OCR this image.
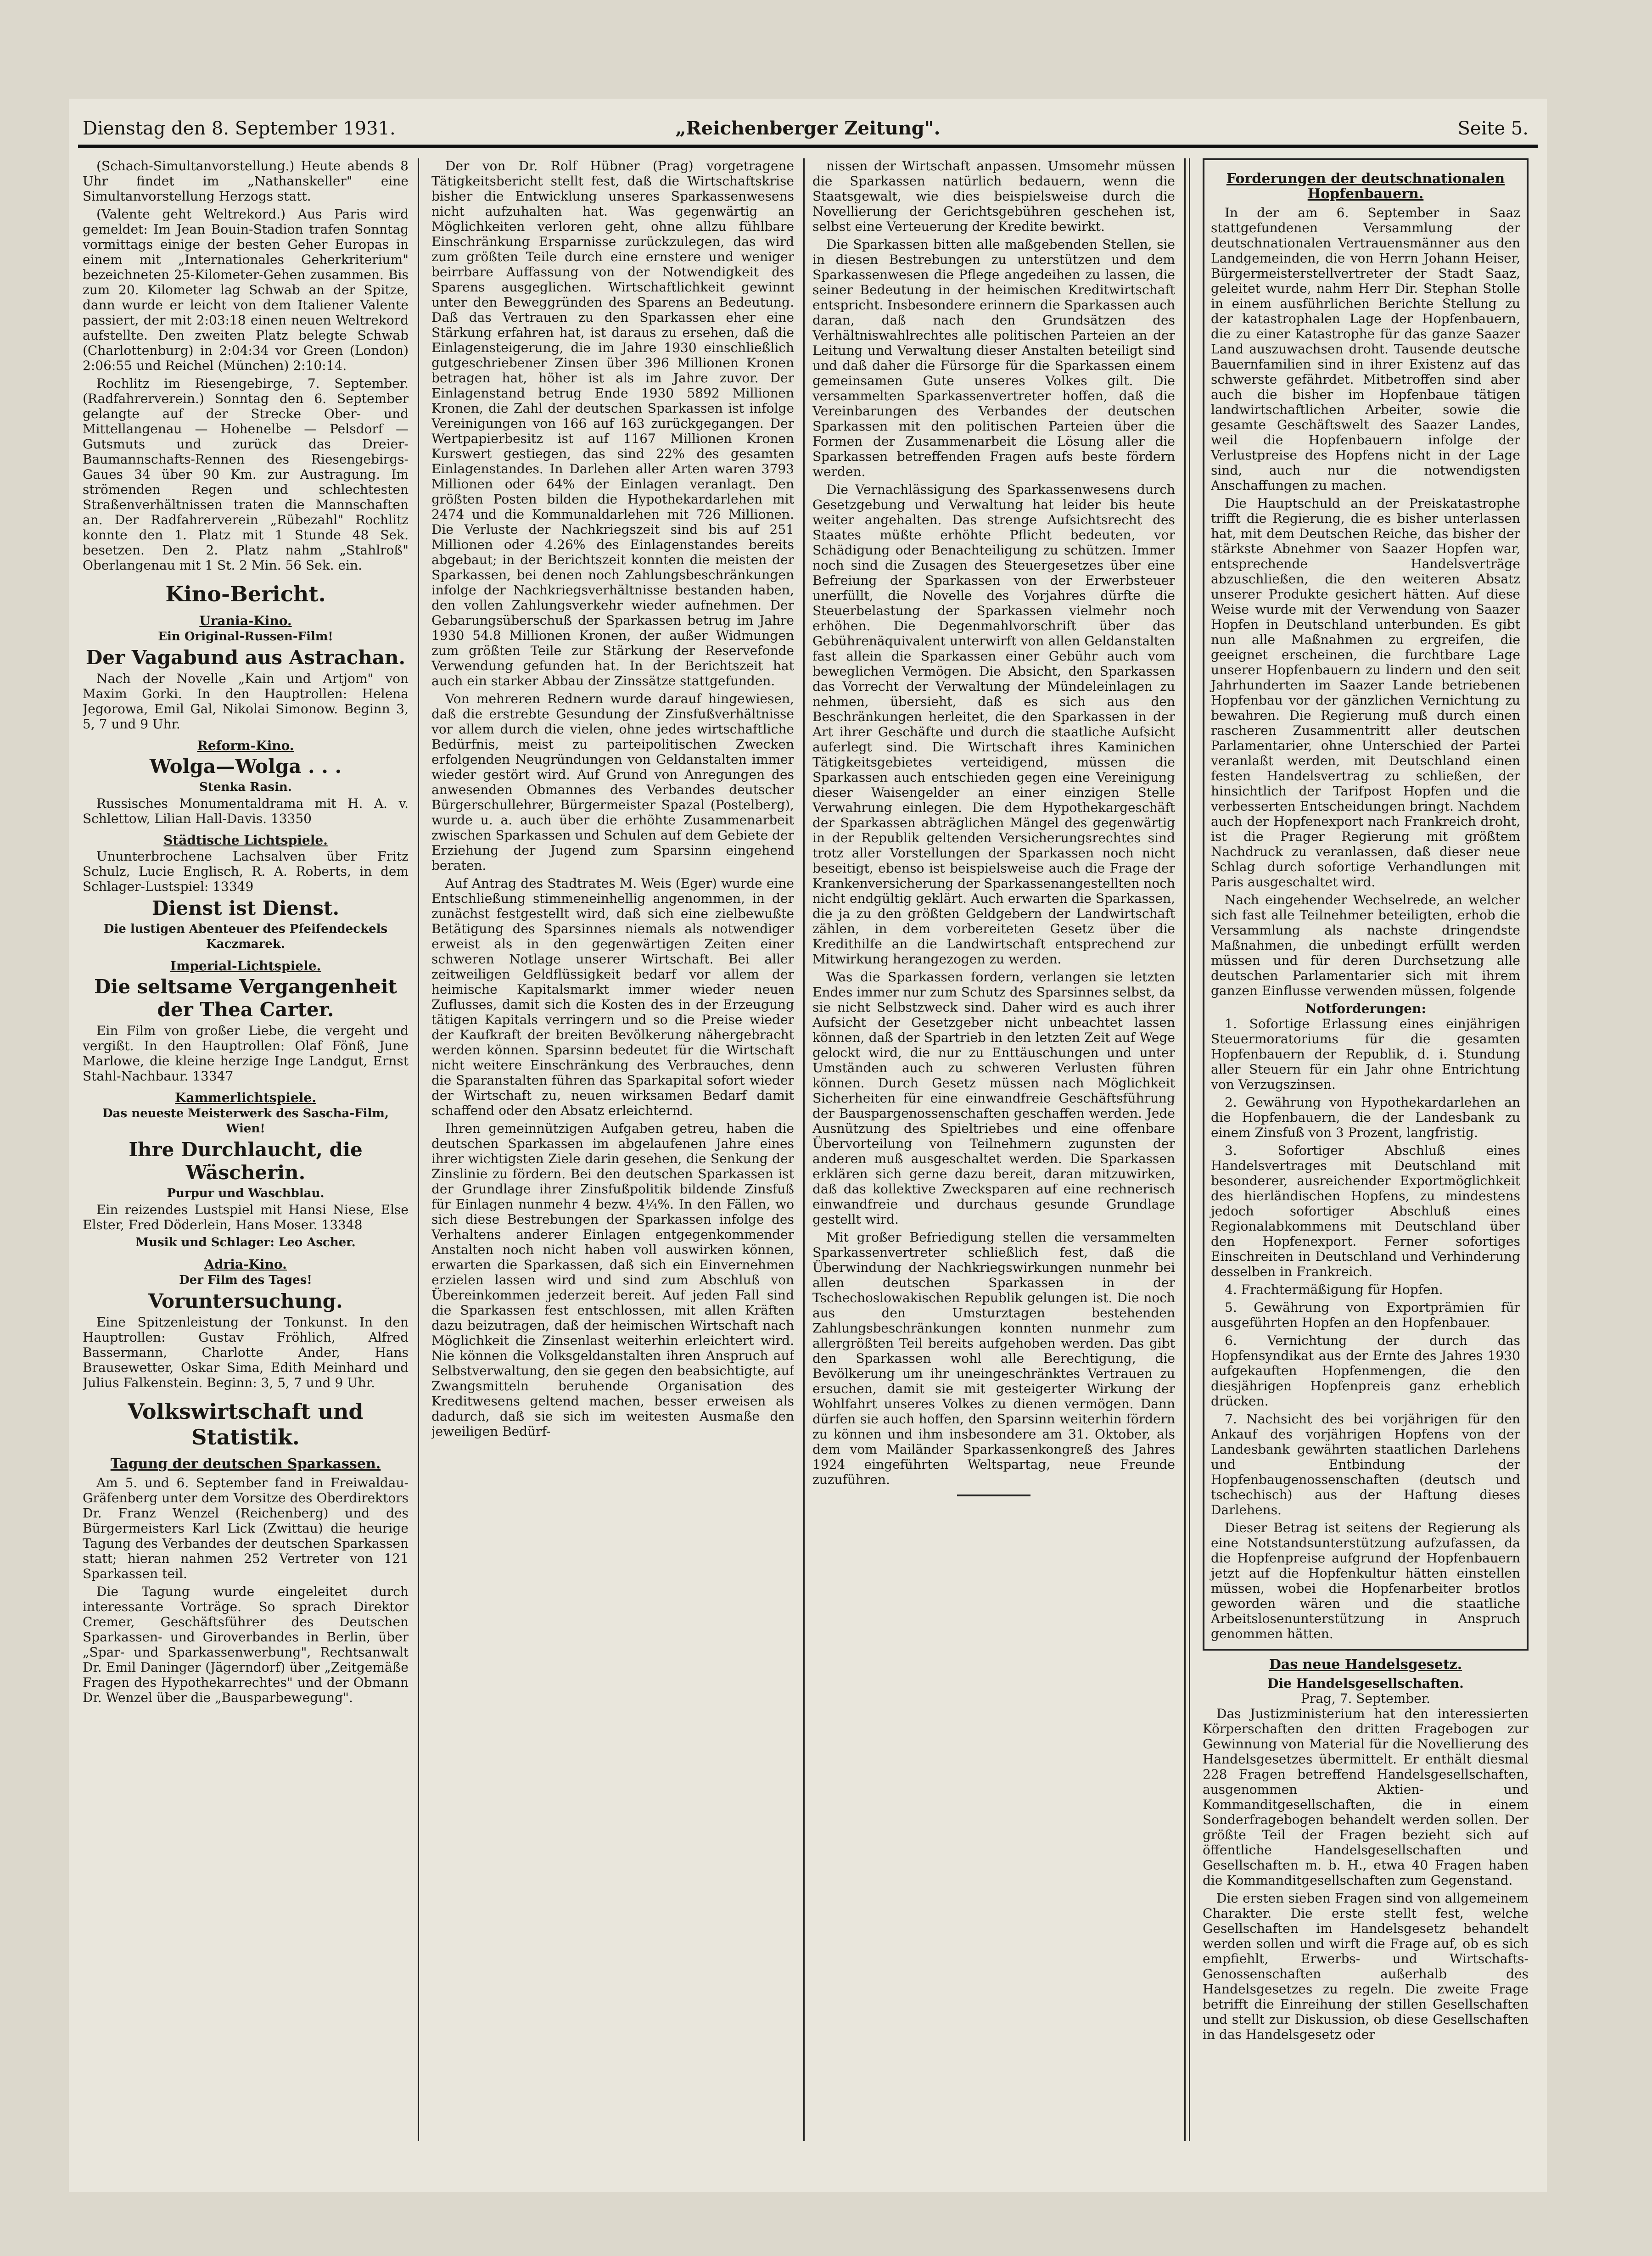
Dienstag den 8. September 1931.	„Reichenberger Zeitung".	Seite 5.

(Schach-Simultanvorstellung.) Heute abends 8 Uhr findet im „Nathanskeller" eine Simultanvorstellung Herzogs statt.

(Valente geht Weltrekord.) Aus Paris wird gemeldet: Im Jean Bouin-Stadion trafen Sonntag vormittags einige der besten Geher Europas in einem mit „Internationales Geherkriterium" bezeichneten 25-Kilometer-Gehen zusammen. Bis zum 20. Kilometer lag Schwab an der Spitze, dann wurde er leicht von dem Italiener Valente passiert, der mit 2:03:18 einen neuen Weltrekord aufstellte. Den zweiten Platz belegte Schwab (Charlottenburg) in 2:04:34 vor Green (London) 2:06:55 und Reichel (München) 2:10:14.

Rochlitz im Riesengebirge, 7. September. (Radfahrerverein.) Sonntag den 6. September gelangte auf der Strecke Ober- und Mittellangenau — Hohenelbe — Pelsdorf — Gutsmuts und zurück das Dreier-Baumannschafts-Rennen des Riesengebirgs-Gaues 34 über 90 Km. zur Austragung. Im strömenden Regen und schlechtesten Straßenverhältnissen traten die Mannschaften an. Der Radfahrerverein „Rübezahl" Rochlitz konnte den 1. Platz mit 1 Stunde 48 Sek. besetzen. Den 2. Platz nahm „Stahlroß" Oberlangenau mit 1 St. 2 Min. 56 Sek. ein.

Kino-Bericht.
Urania-Kino.
Ein Original-Russen-Film!
Der Vagabund aus Astrachan.

Nach der Novelle „Kain und Artjom" von Maxim Gorki. In den Hauptrollen: Helena Jegorowa, Emil Gal, Nikolai Simonow. Beginn 3, 5, 7 und 9 Uhr.

Reform-Kino.
Wolga—Wolga . . .
Stenka Rasin.

Russisches Monumentaldrama mit H. A. v. Schlettow, Lilian Hall-Davis. 13350

Städtische Lichtspiele.

Ununterbrochene Lachsalven über Fritz Schulz, Lucie Englisch, R. A. Roberts, in dem Schlager-Lustspiel: 13349

Dienst ist Dienst.
Die lustigen Abenteuer des Pfeifendeckels Kaczmarek.
Imperial-Lichtspiele.
Die seltsame Vergangenheit der Thea Carter.

Ein Film von großer Liebe, die vergeht und vergißt. In den Hauptrollen: Olaf Fönß, June Marlowe, die kleine herzige Inge Landgut, Ernst Stahl-Nachbaur. 13347

Kammerlichtspiele.
Das neueste Meisterwerk des Sascha-Film, Wien!
Ihre Durchlaucht, die Wäscherin.
Purpur und Waschblau.

Ein reizendes Lustspiel mit Hansi Niese, Else Elster, Fred Döderlein, Hans Moser. 13348

Musik und Schlager: Leo Ascher.
Adria-Kino.
Der Film des Tages!
Voruntersuchung.

Eine Spitzenleistung der Tonkunst. In den Hauptrollen: Gustav Fröhlich, Alfred Bassermann, Charlotte Ander, Hans Brausewetter, Oskar Sima, Edith Meinhard und Julius Falkenstein. Beginn: 3, 5, 7 und 9 Uhr.

Volkswirtschaft und Statistik.
Tagung der deutschen Sparkassen.

Am 5. und 6. September fand in Freiwaldau-Gräfenberg unter dem Vorsitze des Oberdirektors Dr. Franz Wenzel (Reichenberg) und des Bürgermeisters Karl Lick (Zwittau) die heurige Tagung des Verbandes der deutschen Sparkassen statt; hieran nahmen 252 Vertreter von 121 Sparkassen teil.

Die Tagung wurde eingeleitet durch interessante Vorträge. So sprach Direktor Cremer, Geschäftsführer des Deutschen Sparkassen- und Giroverbandes in Berlin, über „Spar- und Sparkassenwerbung", Rechtsanwalt Dr. Emil Daninger (Jägerndorf) über „Zeitgemäße Fragen des Hypothekarrechtes" und der Obmann Dr. Wenzel über die „Bausparbewegung".

Der von Dr. Rolf Hübner (Prag) vorgetragene Tätigkeitsbericht stellt fest, daß die Wirtschaftskrise bisher die Entwicklung unseres Sparkassenwesens nicht aufzuhalten hat. Was gegenwärtig an Möglichkeiten verloren geht, ohne allzu fühlbare Einschränkung Ersparnisse zurückzulegen, das wird zum größten Teile durch eine ernstere und weniger beirrbare Auffassung von der Notwendigkeit des Sparens ausgeglichen. Wirtschaftlichkeit gewinnt unter den Beweggründen des Sparens an Bedeutung. Daß das Vertrauen zu den Sparkassen eher eine Stärkung erfahren hat, ist daraus zu ersehen, daß die Einlagensteigerung, die im Jahre 1930 einschließlich gutgeschriebener Zinsen über 396 Millionen Kronen betragen hat, höher ist als im Jahre zuvor. Der Einlagenstand betrug Ende 1930 5892 Millionen Kronen, die Zahl der deutschen Sparkassen ist infolge Vereinigungen von 166 auf 163 zurückgegangen. Der Wertpapierbesitz ist auf 1167 Millionen Kronen Kurswert gestiegen, das sind 22% des gesamten Einlagenstandes. In Darlehen aller Arten waren 3793 Millionen oder 64% der Einlagen veranlagt. Den größten Posten bilden die Hypothekardarlehen mit 2474 und die Kommunaldarlehen mit 726 Millionen. Die Verluste der Nachkriegszeit sind bis auf 251 Millionen oder 4.26% des Einlagenstandes bereits abgebaut; in der Berichtszeit konnten die meisten der Sparkassen, bei denen noch Zahlungsbeschränkungen infolge der Nachkriegsverhältnisse bestanden haben, den vollen Zahlungsverkehr wieder aufnehmen. Der Gebarungsüberschuß der Sparkassen betrug im Jahre 1930 54.8 Millionen Kronen, der außer Widmungen zum größten Teile zur Stärkung der Reservefonde Verwendung gefunden hat. In der Berichtszeit hat auch ein starker Abbau der Zinssätze stattgefunden.

Von mehreren Rednern wurde darauf hingewiesen, daß die erstrebte Gesundung der Zinsfußverhältnisse vor allem durch die vielen, ohne jedes wirtschaftliche Bedürfnis, meist zu parteipolitischen Zwecken erfolgenden Neugründungen von Geldanstalten immer wieder gestört wird. Auf Grund von Anregungen des anwesenden Obmannes des Verbandes deutscher Bürgerschullehrer, Bürgermeister Spazal (Postelberg), wurde u. a. auch über die erhöhte Zusammenarbeit zwischen Sparkassen und Schulen auf dem Gebiete der Erziehung der Jugend zum Sparsinn eingehend beraten.

Auf Antrag des Stadtrates M. Weis (Eger) wurde eine Entschließung stimmeneinhellig angenommen, in der zunächst festgestellt wird, daß sich eine zielbewußte Betätigung des Sparsinnes niemals als notwendiger erweist als in den gegenwärtigen Zeiten einer schweren Notlage unserer Wirtschaft. Bei aller zeitweiligen Geldflüssigkeit bedarf vor allem der heimische Kapitalsmarkt immer wieder neuen Zuflusses, damit sich die Kosten des in der Erzeugung tätigen Kapitals verringern und so die Preise wieder der Kaufkraft der breiten Bevölkerung nähergebracht werden können. Sparsinn bedeutet für die Wirtschaft nicht weitere Einschränkung des Verbrauches, denn die Sparanstalten führen das Sparkapital sofort wieder der Wirtschaft zu, neuen wirksamen Bedarf damit schaffend oder den Absatz erleichternd.

Ihren gemeinnützigen Aufgaben getreu, haben die deutschen Sparkassen im abgelaufenen Jahre eines ihrer wichtigsten Ziele darin gesehen, die Senkung der Zinslinie zu fördern. Bei den deutschen Sparkassen ist der Grundlage ihrer Zinsfußpolitik bildende Zinsfuß für Einlagen nunmehr 4 bezw. 4¼%. In den Fällen, wo sich diese Bestrebungen der Sparkassen infolge des Verhaltens anderer Einlagen entgegenkommender Anstalten noch nicht haben voll auswirken können, erwarten die Sparkassen, daß sich ein Einvernehmen erzielen lassen wird und sind zum Abschluß von Übereinkommen jederzeit bereit. Auf jeden Fall sind die Sparkassen fest entschlossen, mit allen Kräften dazu beizutragen, daß der heimischen Wirtschaft nach Möglichkeit die Zinsenlast weiterhin erleichtert wird. Nie können die Volksgeldanstalten ihren Anspruch auf Selbstverwaltung, den sie gegen den beabsichtigte, auf Zwangsmitteln beruhende Organisation des Kreditwesens geltend machen, besser erweisen als dadurch, daß sie sich im weitesten Ausmaße den jeweiligen Bedürf-

nissen der Wirtschaft anpassen. Umsomehr müssen die Sparkassen natürlich bedauern, wenn die Staatsgewalt, wie dies beispielsweise durch die Novellierung der Gerichtsgebühren geschehen ist, selbst eine Verteuerung der Kredite bewirkt.

Die Sparkassen bitten alle maßgebenden Stellen, sie in diesen Bestrebungen zu unterstützen und dem Sparkassenwesen die Pflege angedeihen zu lassen, die seiner Bedeutung in der heimischen Kreditwirtschaft entspricht. Insbesondere erinnern die Sparkassen auch daran, daß nach den Grundsätzen des Verhältniswahlrechtes alle politischen Parteien an der Leitung und Verwaltung dieser Anstalten beteiligt sind und daß daher die Fürsorge für die Sparkassen einem gemeinsamen Gute unseres Volkes gilt. Die versammelten Sparkassenvertreter hoffen, daß die Vereinbarungen des Verbandes der deutschen Sparkassen mit den politischen Parteien über die Formen der Zusammenarbeit die Lösung aller die Sparkassen betreffenden Fragen aufs beste fördern werden.

Die Vernachlässigung des Sparkassenwesens durch Gesetzgebung und Verwaltung hat leider bis heute weiter angehalten. Das strenge Aufsichtsrecht des Staates müßte erhöhte Pflicht bedeuten, vor Schädigung oder Benachteiligung zu schützen. Immer noch sind die Zusagen des Steuergesetzes über eine Befreiung der Sparkassen von der Erwerbsteuer unerfüllt, die Novelle des Vorjahres dürfte die Steuerbelastung der Sparkassen vielmehr noch erhöhen. Die Degenmahlvorschrift über das Gebührenäquivalent unterwirft von allen Geldanstalten fast allein die Sparkassen einer Gebühr auch vom beweglichen Vermögen. Die Absicht, den Sparkassen das Vorrecht der Verwaltung der Mündeleinlagen zu nehmen, übersieht, daß es sich aus den Beschränkungen herleitet, die den Sparkassen in der Art ihrer Geschäfte und durch die staatliche Aufsicht auferlegt sind. Die Wirtschaft ihres Kaminichen Tätigkeitsgebietes verteidigend, müssen die Sparkassen auch entschieden gegen eine Vereinigung dieser Waisengelder an einer einzigen Stelle Verwahrung einlegen. Die dem Hypothekargeschäft der Sparkassen abträglichen Mängel des gegenwärtig in der Republik geltenden Versicherungsrechtes sind trotz aller Vorstellungen der Sparkassen noch nicht beseitigt, ebenso ist beispielsweise auch die Frage der Krankenversicherung der Sparkassenangestellten noch nicht endgültig geklärt. Auch erwarten die Sparkassen, die ja zu den größten Geldgebern der Landwirtschaft zählen, in dem vorbereiteten Gesetz über die Kredithilfe an die Landwirtschaft entsprechend zur Mitwirkung herangezogen zu werden.

Was die Sparkassen fordern, verlangen sie letzten Endes immer nur zum Schutz des Sparsinnes selbst, da sie nicht Selbstzweck sind. Daher wird es auch ihrer Aufsicht der Gesetzgeber nicht unbeachtet lassen können, daß der Spartrieb in den letzten Zeit auf Wege gelockt wird, die nur zu Enttäuschungen und unter Umständen auch zu schweren Verlusten führen können. Durch Gesetz müssen nach Möglichkeit Sicherheiten für eine einwandfreie Geschäftsführung der Bauspargenossenschaften geschaffen werden. Jede Ausnützung des Spieltriebes und eine offenbare Übervorteilung von Teilnehmern zugunsten der anderen muß ausgeschaltet werden. Die Sparkassen erklären sich gerne dazu bereit, daran mitzuwirken, daß das kollektive Zwecksparen auf eine rechnerisch einwandfreie und durchaus gesunde Grundlage gestellt wird.

Mit großer Befriedigung stellen die versammelten Sparkassenvertreter schließlich fest, daß die Überwindung der Nachkriegswirkungen nunmehr bei allen deutschen Sparkassen in der Tschechoslowakischen Republik gelungen ist. Die noch aus den Umsturztagen bestehenden Zahlungsbeschränkungen konnten nunmehr zum allergrößten Teil bereits aufgehoben werden. Das gibt den Sparkassen wohl alle Berechtigung, die Bevölkerung um ihr uneingeschränktes Vertrauen zu ersuchen, damit sie mit gesteigerter Wirkung der Wohlfahrt unseres Volkes zu dienen vermögen. Dann dürfen sie auch hoffen, den Sparsinn weiterhin fördern zu können und ihm insbesondere am 31. Oktober, als dem vom Mailänder Sparkassenkongreß des Jahres 1924 eingeführten Weltspartag, neue Freunde zuzuführen.

Forderungen der deutschnationalen Hopfenbauern.

In der am 6. September in Saaz stattgefundenen Versammlung der deutschnationalen Vertrauensmänner aus den Landgemeinden, die von Herrn Johann Heiser, Bürgermeisterstellvertreter der Stadt Saaz, geleitet wurde, nahm Herr Dir. Stephan Stolle in einem ausführlichen Berichte Stellung zu der katastrophalen Lage der Hopfenbauern, die zu einer Katastrophe für das ganze Saazer Land auszuwachsen droht. Tausende deutsche Bauernfamilien sind in ihrer Existenz auf das schwerste gefährdet. Mitbetroffen sind aber auch die bisher im Hopfenbaue tätigen landwirtschaftlichen Arbeiter, sowie die gesamte Geschäftswelt des Saazer Landes, weil die Hopfenbauern infolge der Verlustpreise des Hopfens nicht in der Lage sind, auch nur die notwendigsten Anschaffungen zu machen.

Die Hauptschuld an der Preiskatastrophe trifft die Regierung, die es bisher unterlassen hat, mit dem Deutschen Reiche, das bisher der stärkste Abnehmer von Saazer Hopfen war, entsprechende Handelsverträge abzuschließen, die den weiteren Absatz unserer Produkte gesichert hätten. Auf diese Weise wurde mit der Verwendung von Saazer Hopfen in Deutschland unterbunden. Es gibt nun alle Maßnahmen zu ergreifen, die geeignet erscheinen, die furchtbare Lage unserer Hopfenbauern zu lindern und den seit Jahrhunderten im Saazer Lande betriebenen Hopfenbau vor der gänzlichen Vernichtung zu bewahren. Die Regierung muß durch einen rascheren Zusammentritt aller deutschen Parlamentarier, ohne Unterschied der Partei veranlaßt werden, mit Deutschland einen festen Handelsvertrag zu schließen, der hinsichtlich der Tarifpost Hopfen und die verbesserten Entscheidungen bringt. Nachdem auch der Hopfenexport nach Frankreich droht, ist die Prager Regierung mit größtem Nachdruck zu veranlassen, daß dieser neue Schlag durch sofortige Verhandlungen mit Paris ausgeschaltet wird.

Nach eingehender Wechselrede, an welcher sich fast alle Teilnehmer beteiligten, erhob die Versammlung als nachste dringendste Maßnahmen, die unbedingt erfüllt werden müssen und für deren Durchsetzung alle deutschen Parlamentarier sich mit ihrem ganzen Einflusse verwenden müssen, folgende

Notforderungen:

1. Sofortige Erlassung eines einjährigen Steuermoratoriums für die gesamten Hopfenbauern der Republik, d. i. Stundung aller Steuern für ein Jahr ohne Entrichtung von Verzugszinsen.

2. Gewährung von Hypothekardarlehen an die Hopfenbauern, die der Landesbank zu einem Zinsfuß von 3 Prozent, langfristig.

3. Sofortiger Abschluß eines Handelsvertrages mit Deutschland mit besonderer, ausreichender Exportmöglichkeit des hierländischen Hopfens, zu mindestens jedoch sofortiger Abschluß eines Regionalabkommens mit Deutschland über den Hopfenexport. Ferner sofortiges Einschreiten in Deutschland und Verhinderung desselben in Frankreich.

4. Frachtermäßigung für Hopfen.

5. Gewährung von Exportprämien für ausgeführten Hopfen an den Hopfenbauer.

6. Vernichtung der durch das Hopfensyndikat aus der Ernte des Jahres 1930 aufgekauften Hopfenmengen, die den diesjährigen Hopfenpreis ganz erheblich drücken.

7. Nachsicht des bei vorjährigen für den Ankauf des vorjährigen Hopfens von der Landesbank gewährten staatlichen Darlehens und Entbindung der Hopfenbaugenossenschaften (deutsch und tschechisch) aus der Haftung dieses Darlehens.

Dieser Betrag ist seitens der Regierung als eine Notstandsunterstützung aufzufassen, da die Hopfenpreise aufgrund der Hopfenbauern jetzt auf die Hopfenkultur hätten einstellen müssen, wobei die Hopfenarbeiter brotlos geworden wären und die staatliche Arbeitslosenunterstützung in Anspruch genommen hätten.

Das neue Handelsgesetz.
Die Handelsgesellschaften.
Prag, 7. September.

Das Justizministerium hat den interessierten Körperschaften den dritten Fragebogen zur Gewinnung von Material für die Novellierung des Handelsgesetzes übermittelt. Er enthält diesmal 228 Fragen betreffend Handelsgesellschaften, ausgenommen Aktien- und Kommanditgesellschaften, die in einem Sonderfragebogen behandelt werden sollen. Der größte Teil der Fragen bezieht sich auf öffentliche Handelsgesellschaften und Gesellschaften m. b. H., etwa 40 Fragen haben die Kommanditgesellschaften zum Gegenstand.

Die ersten sieben Fragen sind von allgemeinem Charakter. Die erste stellt fest, welche Gesellschaften im Handelsgesetz behandelt werden sollen und wirft die Frage auf, ob es sich empfiehlt, Erwerbs- und Wirtschafts-Genossenschaften außerhalb des Handelsgesetzes zu regeln. Die zweite Frage betrifft die Einreihung der stillen Gesellschaften und stellt zur Diskussion, ob diese Gesellschaften in das Handelsgesetz oder
